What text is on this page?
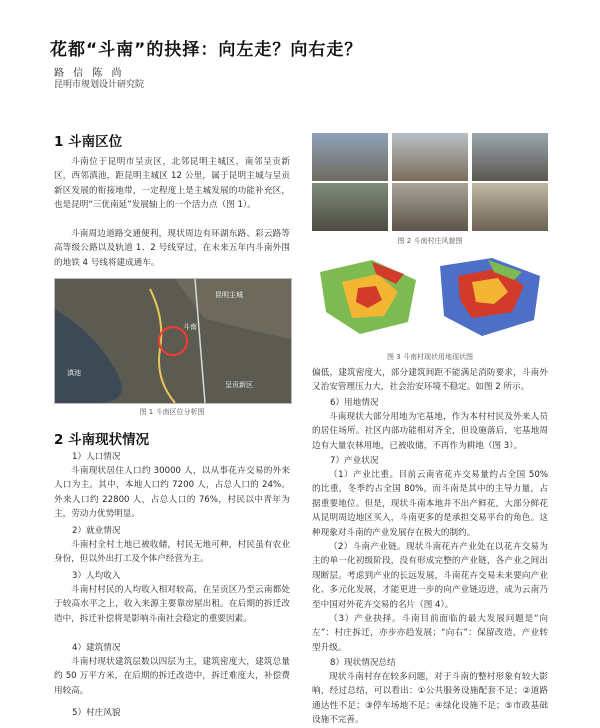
花都“斗南”的抉择：向左走？向右走？
路 信 陈 尚
昆明市规划设计研究院
1 斗南区位
斗南位于昆明市呈贡区，北邻昆明主城区，南邻呈贡新区，西邻滇池，距昆明主城区 12 公里，属于昆明主城与呈贡新区发展的衔接地带，一定程度上是主城发展的功能补充区，也是昆明“三优南延”发展轴上的一个活力点（图 1）。
斗南周边道路交通便利，现状周边有环湖东路、彩云路等高等级公路以及轨道 1、2 号线穿过，在未来五年内斗南外围的地铁 4 号线将建成通车。
斗南
滇池
昆明主城
呈贡新区
图 1 斗南区位分析图
2 斗南现状情况
1）人口情况
斗南现状居住人口约 30000 人，以从事花卉交易的外来人口为主。其中，本地人口约 7200 人，占总人口的 24%。外来人口约 22800 人，占总人口的 76%，村民以中青年为主，劳动力优势明显。
2）就业情况
斗南村全村土地已被收储，村民无地可种，村民虽有农业身份，但以外出打工及个体户经营为主。
3）人均收入
斗南村村民的人均收入相对较高，在呈贡区乃至云南都处于较高水平之上，收入来源主要靠房屋出租。在后期的拆迁改造中，拆迁补偿将是影响斗南社会稳定的重要因素。
4）建筑情况
斗南村现状建筑层数以四层为主，建筑密度大，建筑总量约 50 万平方米，在后期的拆迁改造中，拆迁难度大，补偿费用较高。
5）村庄风貌
图 2 斗南村庄风貌图
图 3 斗南村现状用地现状图
偏低，建筑密度大，部分建筑间距不能满足消防要求，斗南外又治安管理压力大，社会治安环境不稳定。如图 2 所示。
6）用地情况
斗南现状大部分用地为宅基地，作为本村村民及外来人员的居住场所。社区内部功能相对齐全，但设施落后，宅基地周边有大量农林用地，已被收储，不再作为耕地（图 3）。
7）产业状况
（1）产业比重。目前云南省花卉交易量约占全国 50% 的比重，冬季约占全国 80%，而斗南是其中的主导力量，占据重要地位。但是，现状斗南本地并不出产鲜花，大部分鲜花从昆明周边地区买入，斗南更多的是承担交易平台的角色。这种现象对斗南的产业发展存在极大的制约。
（2）斗南产业链。现状斗南花卉产业处在以花卉交易为主的单一化初级阶段，没有形成完整的产业链，各产业之间出现断层。考虑到产业的长远发展，斗南花卉交易未来要向产业化、多元化发展，才能更进一步的向产业链迈进，成为云南乃至中国对外花卉交易的名片（图 4）。
（3）产业抉择。斗南目前面临的最大发展问题是“向左”：村庄拆迁，亦步亦趋发展；“向右”：保留改造，产业转型升级。
8）现状情况总结
现状斗南村存在较多问题，对于斗南的整村形象有较大影响，经过总结，可以看出：①公共服务设施配套不足；②道路通达性不足；③停车场地不足；④绿化设施不足；⑤市政基础设施不完善。
